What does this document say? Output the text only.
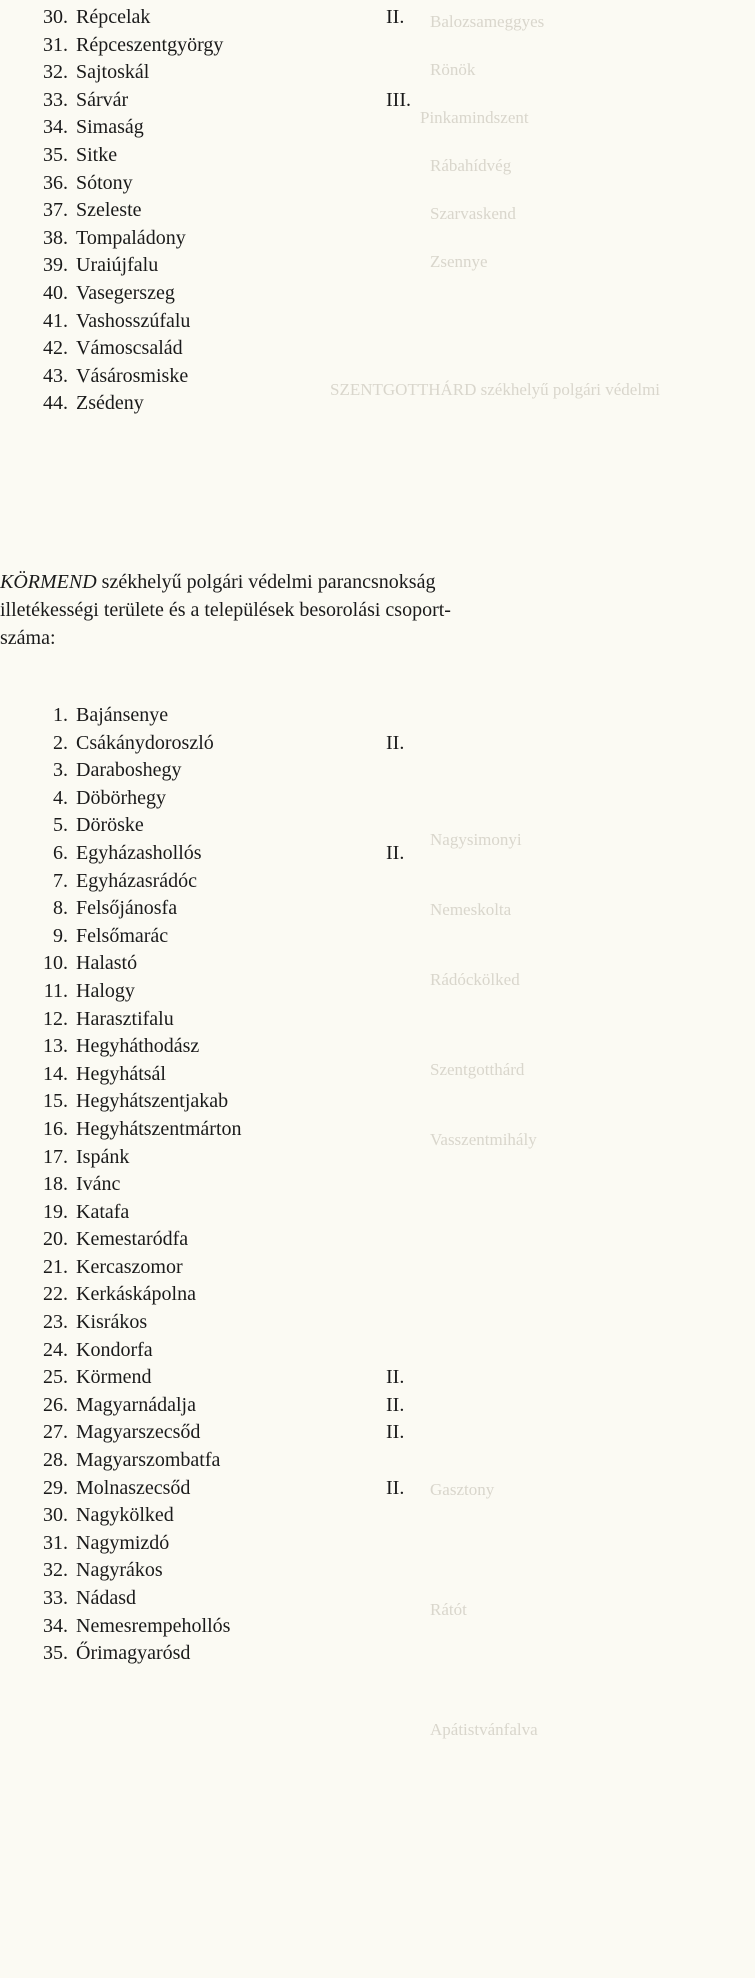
Balozsameggyes
Rönök
Pinkamindszent
Rábahídvég
Szarvaskend
Zsennye
SZENTGOTTHÁRD székhelyű polgári védelmi
Nagysimonyi
Nemeskolta
Rádóckölked
Szentgotthárd
Vasszentmihály
Gasztony
Rátót
Apátistvánfalva
30. Répcelak	II.
31. Répceszentgyörgy
32. Sajtoskál
33. Sárvár	III.
34. Simaság
35. Sitke
36. Sótony
37. Szeleste
38. Tompaládony
39. Uraiújfalu
40. Vasegerszeg
41. Vashosszúfalu
42. Vámoscsalád
43. Vásárosmiske
44. Zsédeny
KÖRMEND székhelyű polgári védelmi parancsnokság
illetékességi területe és a települések besorolási csoport-
száma:
1. Bajánsenye
2. Csákánydoroszló	II.
3. Daraboshegy
4. Döbörhegy
5. Döröske
6. Egyházashollós	II.
7. Egyházasrádóc
8. Felsőjánosfa
9. Felsőmarác
10. Halastó
11. Halogy
12. Harasztifalu
13. Hegyháthodász
14. Hegyhátsál
15. Hegyhátszentjakab
16. Hegyhátszentmárton
17. Ispánk
18. Ivánc
19. Katafa
20. Kemestaródfa
21. Kercaszomor
22. Kerkáskápolna
23. Kisrákos
24. Kondorfa
25. Körmend	II.
26. Magyarnádalja	II.
27. Magyarszecsőd	II.
28. Magyarszombatfa
29. Molnaszecsőd	II.
30. Nagykölked
31. Nagymizdó
32. Nagyrákos
33. Nádasd
34. Nemesrempehollós
35. Őrimagyarósd
